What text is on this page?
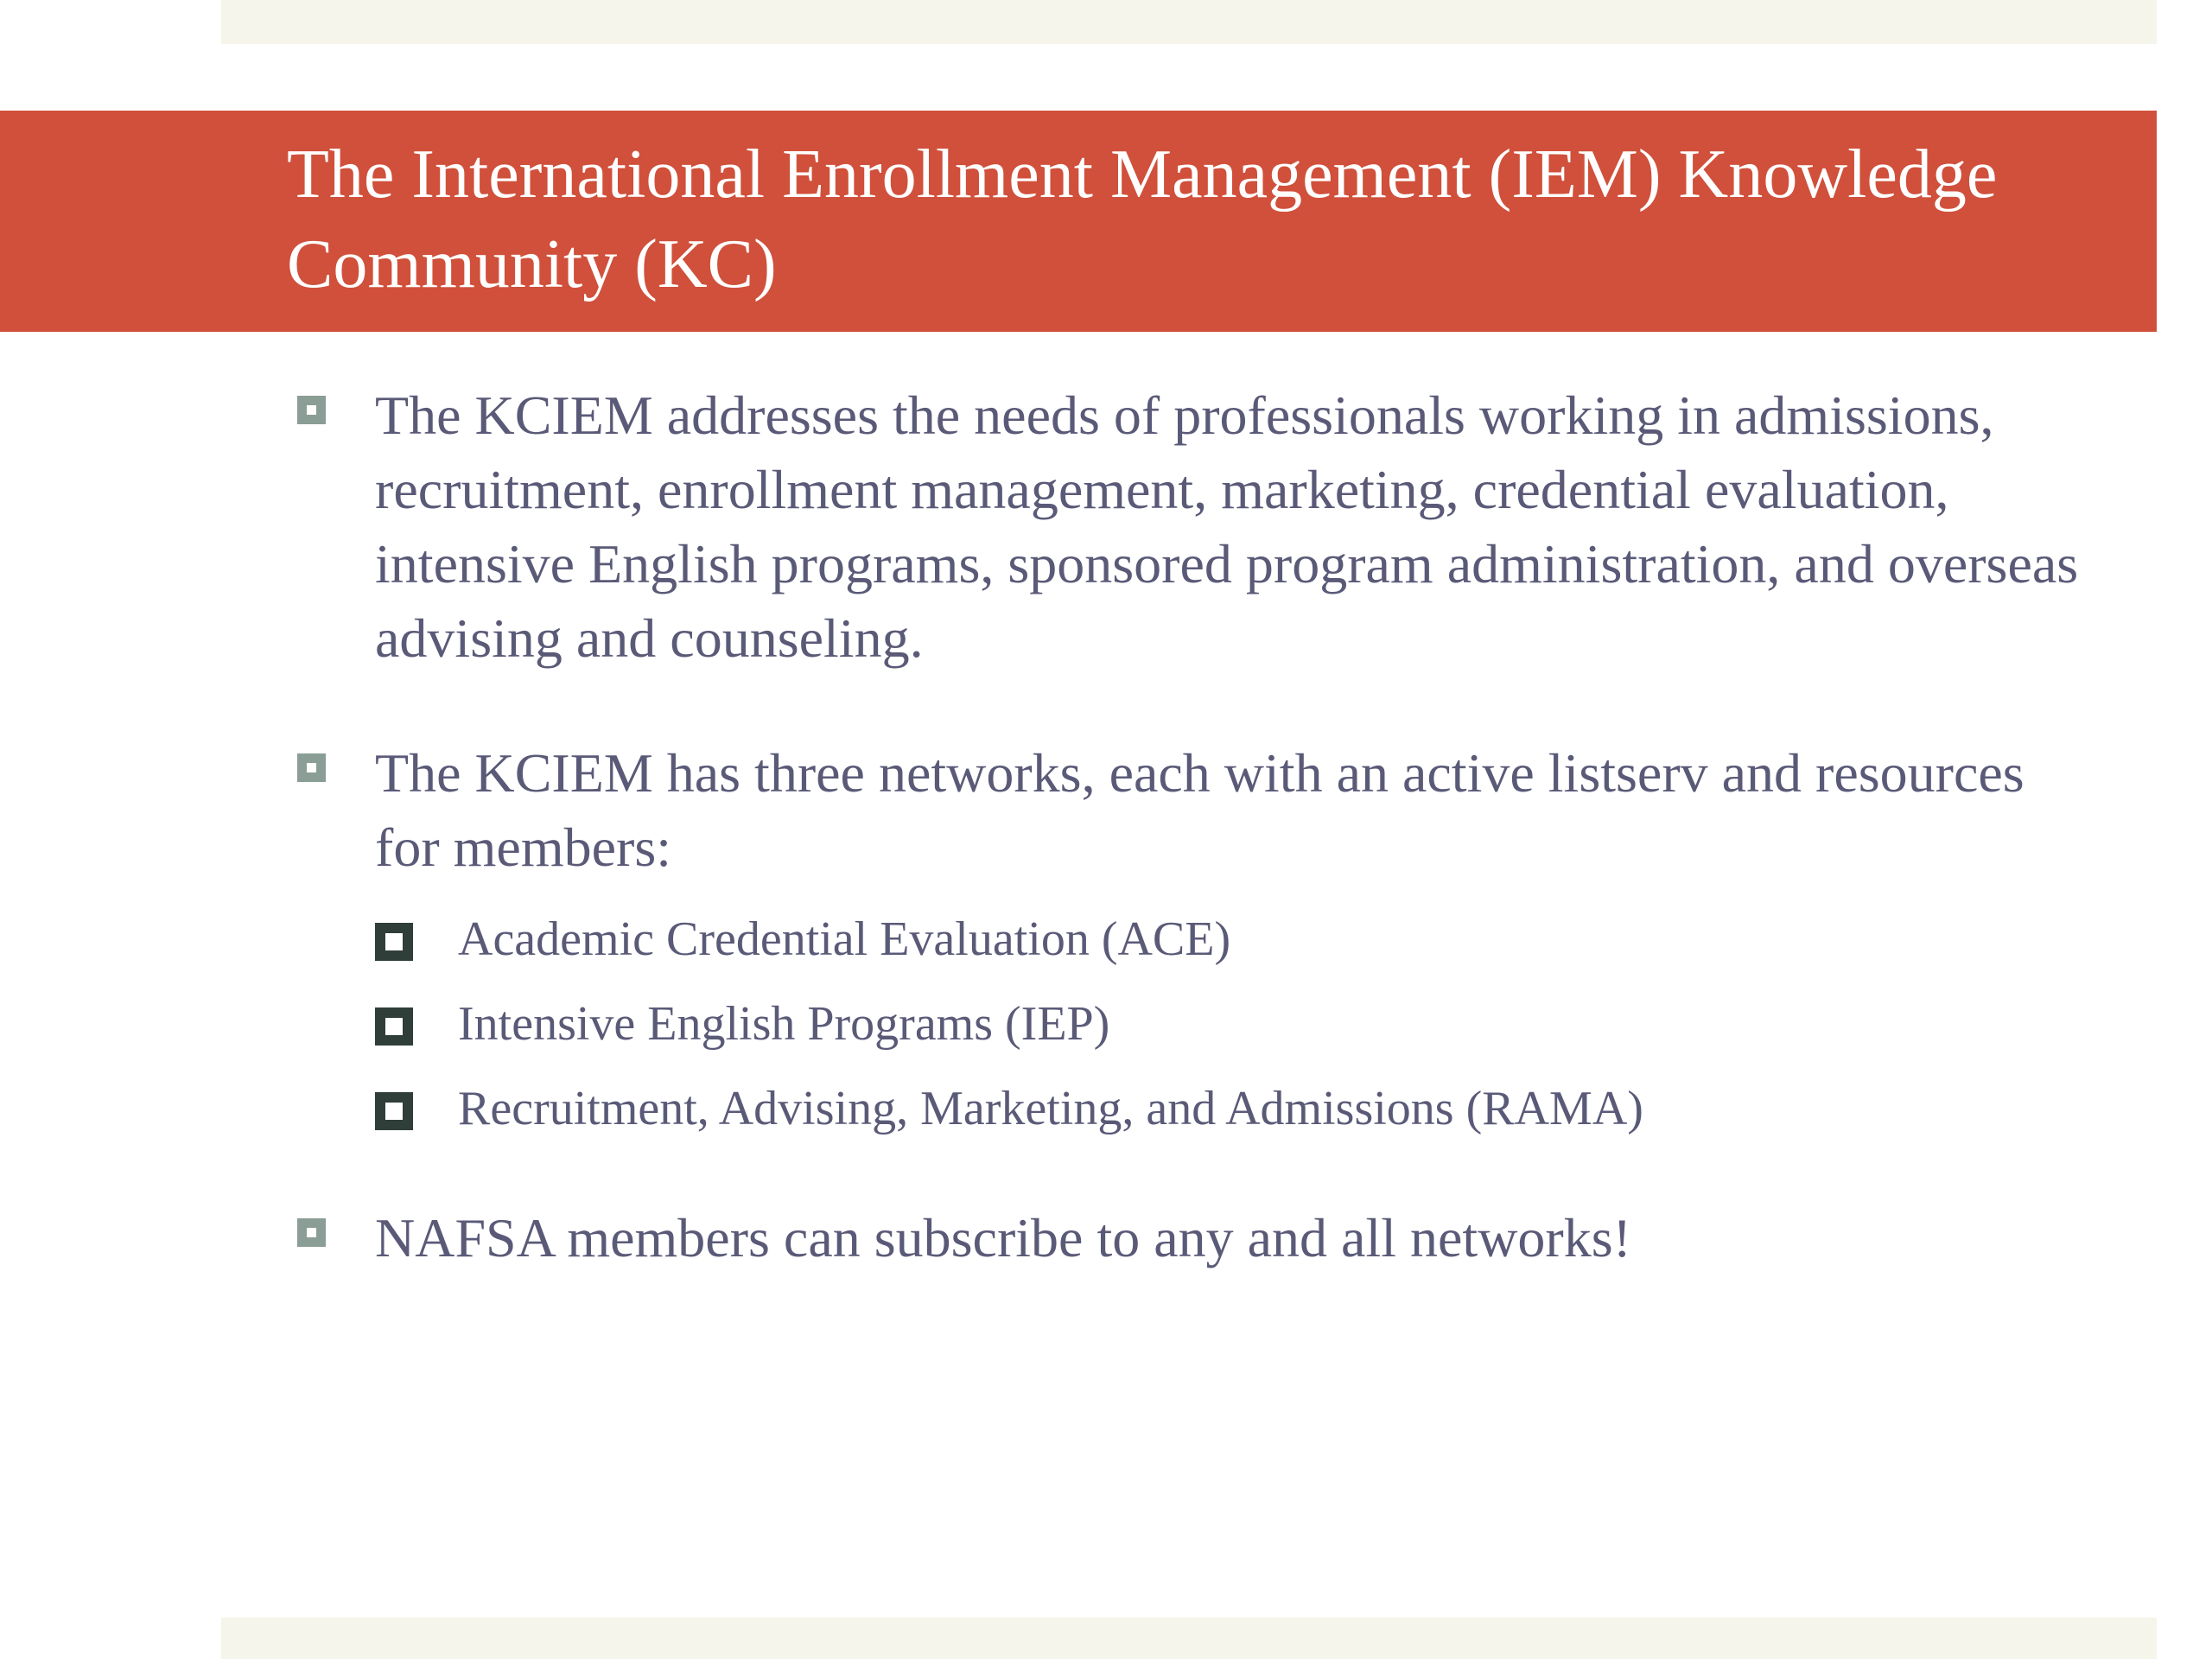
The International Enrollment Management (IEM) Knowledge Community (KC)
The KCIEM addresses the needs of professionals working in admissions, recruitment, enrollment management, marketing, credential evaluation, intensive English programs, sponsored program administration, and overseas advising and counseling.
The KCIEM has three networks, each with an active listserv and resources for members:
Academic Credential Evaluation (ACE)
Intensive English Programs (IEP)
Recruitment, Advising, Marketing, and Admissions (RAMA)
NAFSA members can subscribe to any and all networks!
